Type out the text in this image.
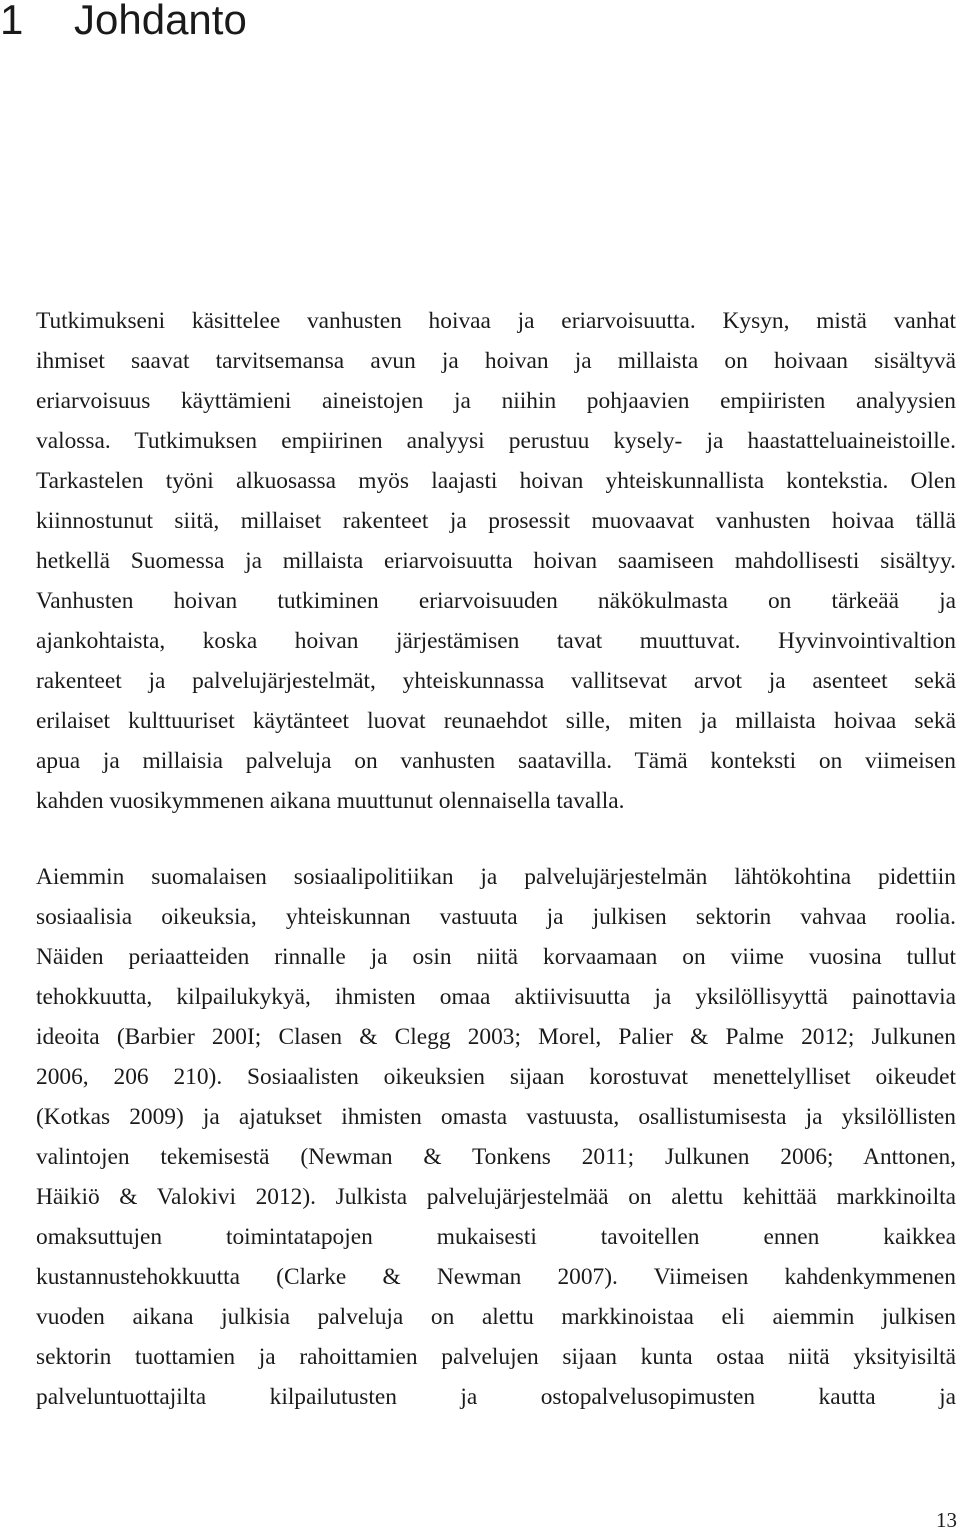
1 Johdanto
Tutkimukseni käsittelee vanhusten hoivaa ja eriarvoisuutta. Kysyn, mistä vanhat
ihmiset saavat tarvitsemansa avun ja hoivan ja millaista on hoivaan sisältyvä
eriarvoisuus käyttämieni aineistojen ja niihin pohjaavien empiiristen analyysien
valossa. Tutkimuksen empiirinen analyysi perustuu kysely- ja haastatteluaineistoille.
Tarkastelen työni alkuosassa myös laajasti hoivan yhteiskunnallista kontekstia. Olen
kiinnostunut siitä, millaiset rakenteet ja prosessit muovaavat vanhusten hoivaa tällä
hetkellä Suomessa ja millaista eriarvoisuutta hoivan saamiseen mahdollisesti sisältyy.
Vanhusten hoivan tutkiminen eriarvoisuuden näkökulmasta on tärkeää ja
ajankohtaista, koska hoivan järjestämisen tavat muuttuvat. Hyvinvointivaltion
rakenteet ja palvelujärjestelmät, yhteiskunnassa vallitsevat arvot ja asenteet sekä
erilaiset kulttuuriset käytänteet luovat reunaehdot sille, miten ja millaista hoivaa sekä
apua ja millaisia palveluja on vanhusten saatavilla. Tämä konteksti on viimeisen
kahden vuosikymmenen aikana muuttunut olennaisella tavalla.
Aiemmin suomalaisen sosiaalipolitiikan ja palvelujärjestelmän lähtökohtina pidettiin
sosiaalisia oikeuksia, yhteiskunnan vastuuta ja julkisen sektorin vahvaa roolia.
Näiden periaatteiden rinnalle ja osin niitä korvaamaan on viime vuosina tullut
tehokkuutta, kilpailukykyä, ihmisten omaa aktiivisuutta ja yksilöllisyyttä painottavia
ideoita (Barbier 200I; Clasen & Clegg 2003; Morel, Palier & Palme 2012; Julkunen
2006, 206 210). Sosiaalisten oikeuksien sijaan korostuvat menettelylliset oikeudet
(Kotkas 2009) ja ajatukset ihmisten omasta vastuusta, osallistumisesta ja yksilöllisten
valintojen tekemisestä (Newman & Tonkens 2011; Julkunen 2006; Anttonen,
Häikiö & Valokivi 2012). Julkista palvelujärjestelmää on alettu kehittää markkinoilta
omaksuttujen toimintatapojen mukaisesti tavoitellen ennen kaikkea
kustannustehokkuutta (Clarke & Newman 2007). Viimeisen kahdenkymmenen
vuoden aikana julkisia palveluja on alettu markkinoistaa eli aiemmin julkisen
sektorin tuottamien ja rahoittamien palvelujen sijaan kunta ostaa niitä yksityisiltä
palveluntuottajilta kilpailutusten ja ostopalvelusopimusten kautta ja
13
